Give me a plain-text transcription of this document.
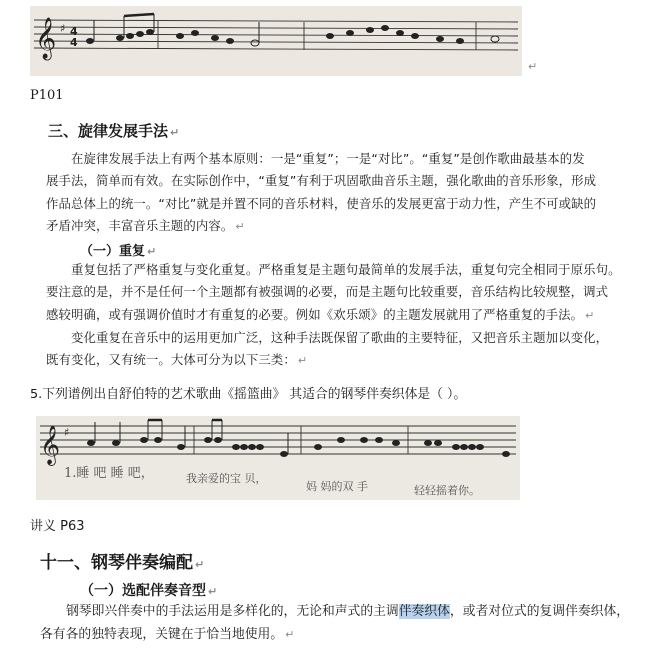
𝄞 ♯ 4
4
↵
P101
三、旋律发展手法 ↵
在旋律发展手法上有两个基本原则：一是“重复”；一是“对比”。“重复”是创作歌曲最基本的发
展手法，简单而有效。在实际创作中，“重复”有利于巩固歌曲音乐主题，强化歌曲的音乐形象，形成
作品总体上的统一。“对比”就是并置不同的音乐材料，使音乐的发展更富于动力性，产生不可或缺的
矛盾冲突，丰富音乐主题的内容。 ↵
（一）重复 ↵
重复包括了严格重复与变化重复。严格重复是主题句最简单的发展手法，重复句完全相同于原乐句。
要注意的是，并不是任何一个主题都有被强调的必要，而是主题句比较重要，音乐结构比较规整，调式
感较明确，或有强调价值时才有重复的必要。例如《欢乐颂》的主题发展就用了严格重复的手法。 ↵
变化重复在音乐中的运用更加广泛，这种手法既保留了歌曲的主要特征，又把音乐主题加以变化，
既有变化，又有统一。大体可分为以下三类： ↵
5.下列谱例出自舒伯特的艺术歌曲《摇篮曲》 其适合的钢琴伴奏织体是（ ）。
𝄞 ♯
1.睡 吧 睡 吧，	我亲爱的宝 贝，
妈 妈的双 手	轻轻摇着你。
讲义 P63
十一、钢琴伴奏编配 ↵
（一）选配伴奏音型 ↵
钢琴即兴伴奏中的手法运用是多样化的，无论和声式的主调伴奏织体，或者对位式的复调伴奏织体，
各有各的独特表现，关键在于恰当地使用。 ↵
